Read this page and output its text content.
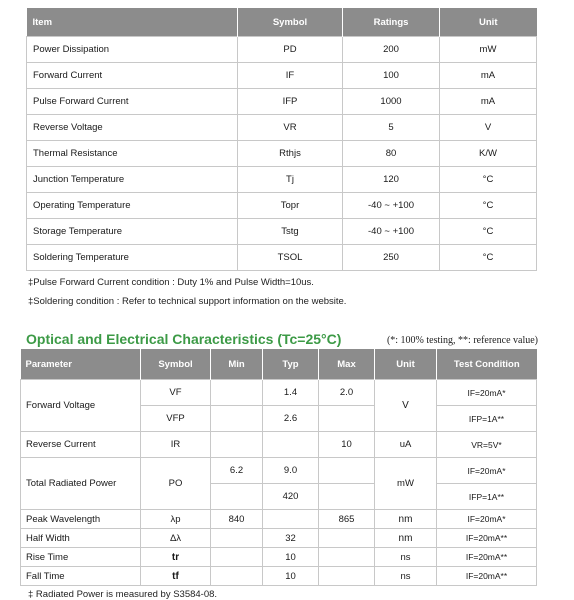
Item	Symbol	Ratings	Unit
Power Dissipation	PD	200	mW
Forward Current	IF	100	mA
Pulse Forward Current	IFP	1000	mA
Reverse Voltage	VR	5	V
Thermal Resistance	Rthjs	80	K/W
Junction Temperature	Tj	120	°C
Operating Temperature	Topr	-40 ~ +100	°C
Storage Temperature	Tstg	-40 ~ +100	°C
Soldering Temperature	TSOL	250	°C
‡Pulse Forward Current condition : Duty 1% and Pulse Width=10us.
‡Soldering condition : Refer to technical support information on the website.
Optical and Electrical Characteristics (Tc=25°C)	(*: 100% testing, **: reference value)
Parameter	Symbol	Min	Typ	Max	Unit	Test Condition
Forward Voltage	VF		1.4	2.0	V	IF=20mA*
	VFP		2.6			IFP=1A**
Reverse Current	IR			10	uA	VR=5V*
Total Radiated Power	PO	6.2	9.0		mW	IF=20mA*
			420			IFP=1A**
Peak Wavelength	λp	840		865	nm	IF=20mA*
Half Width	Δλ		32		nm	IF=20mA**
Rise Time	tr		10		ns	IF=20mA**
Fall Time	tf		10		ns	IF=20mA**
‡ Radiated Power is measured by S3584-08.
